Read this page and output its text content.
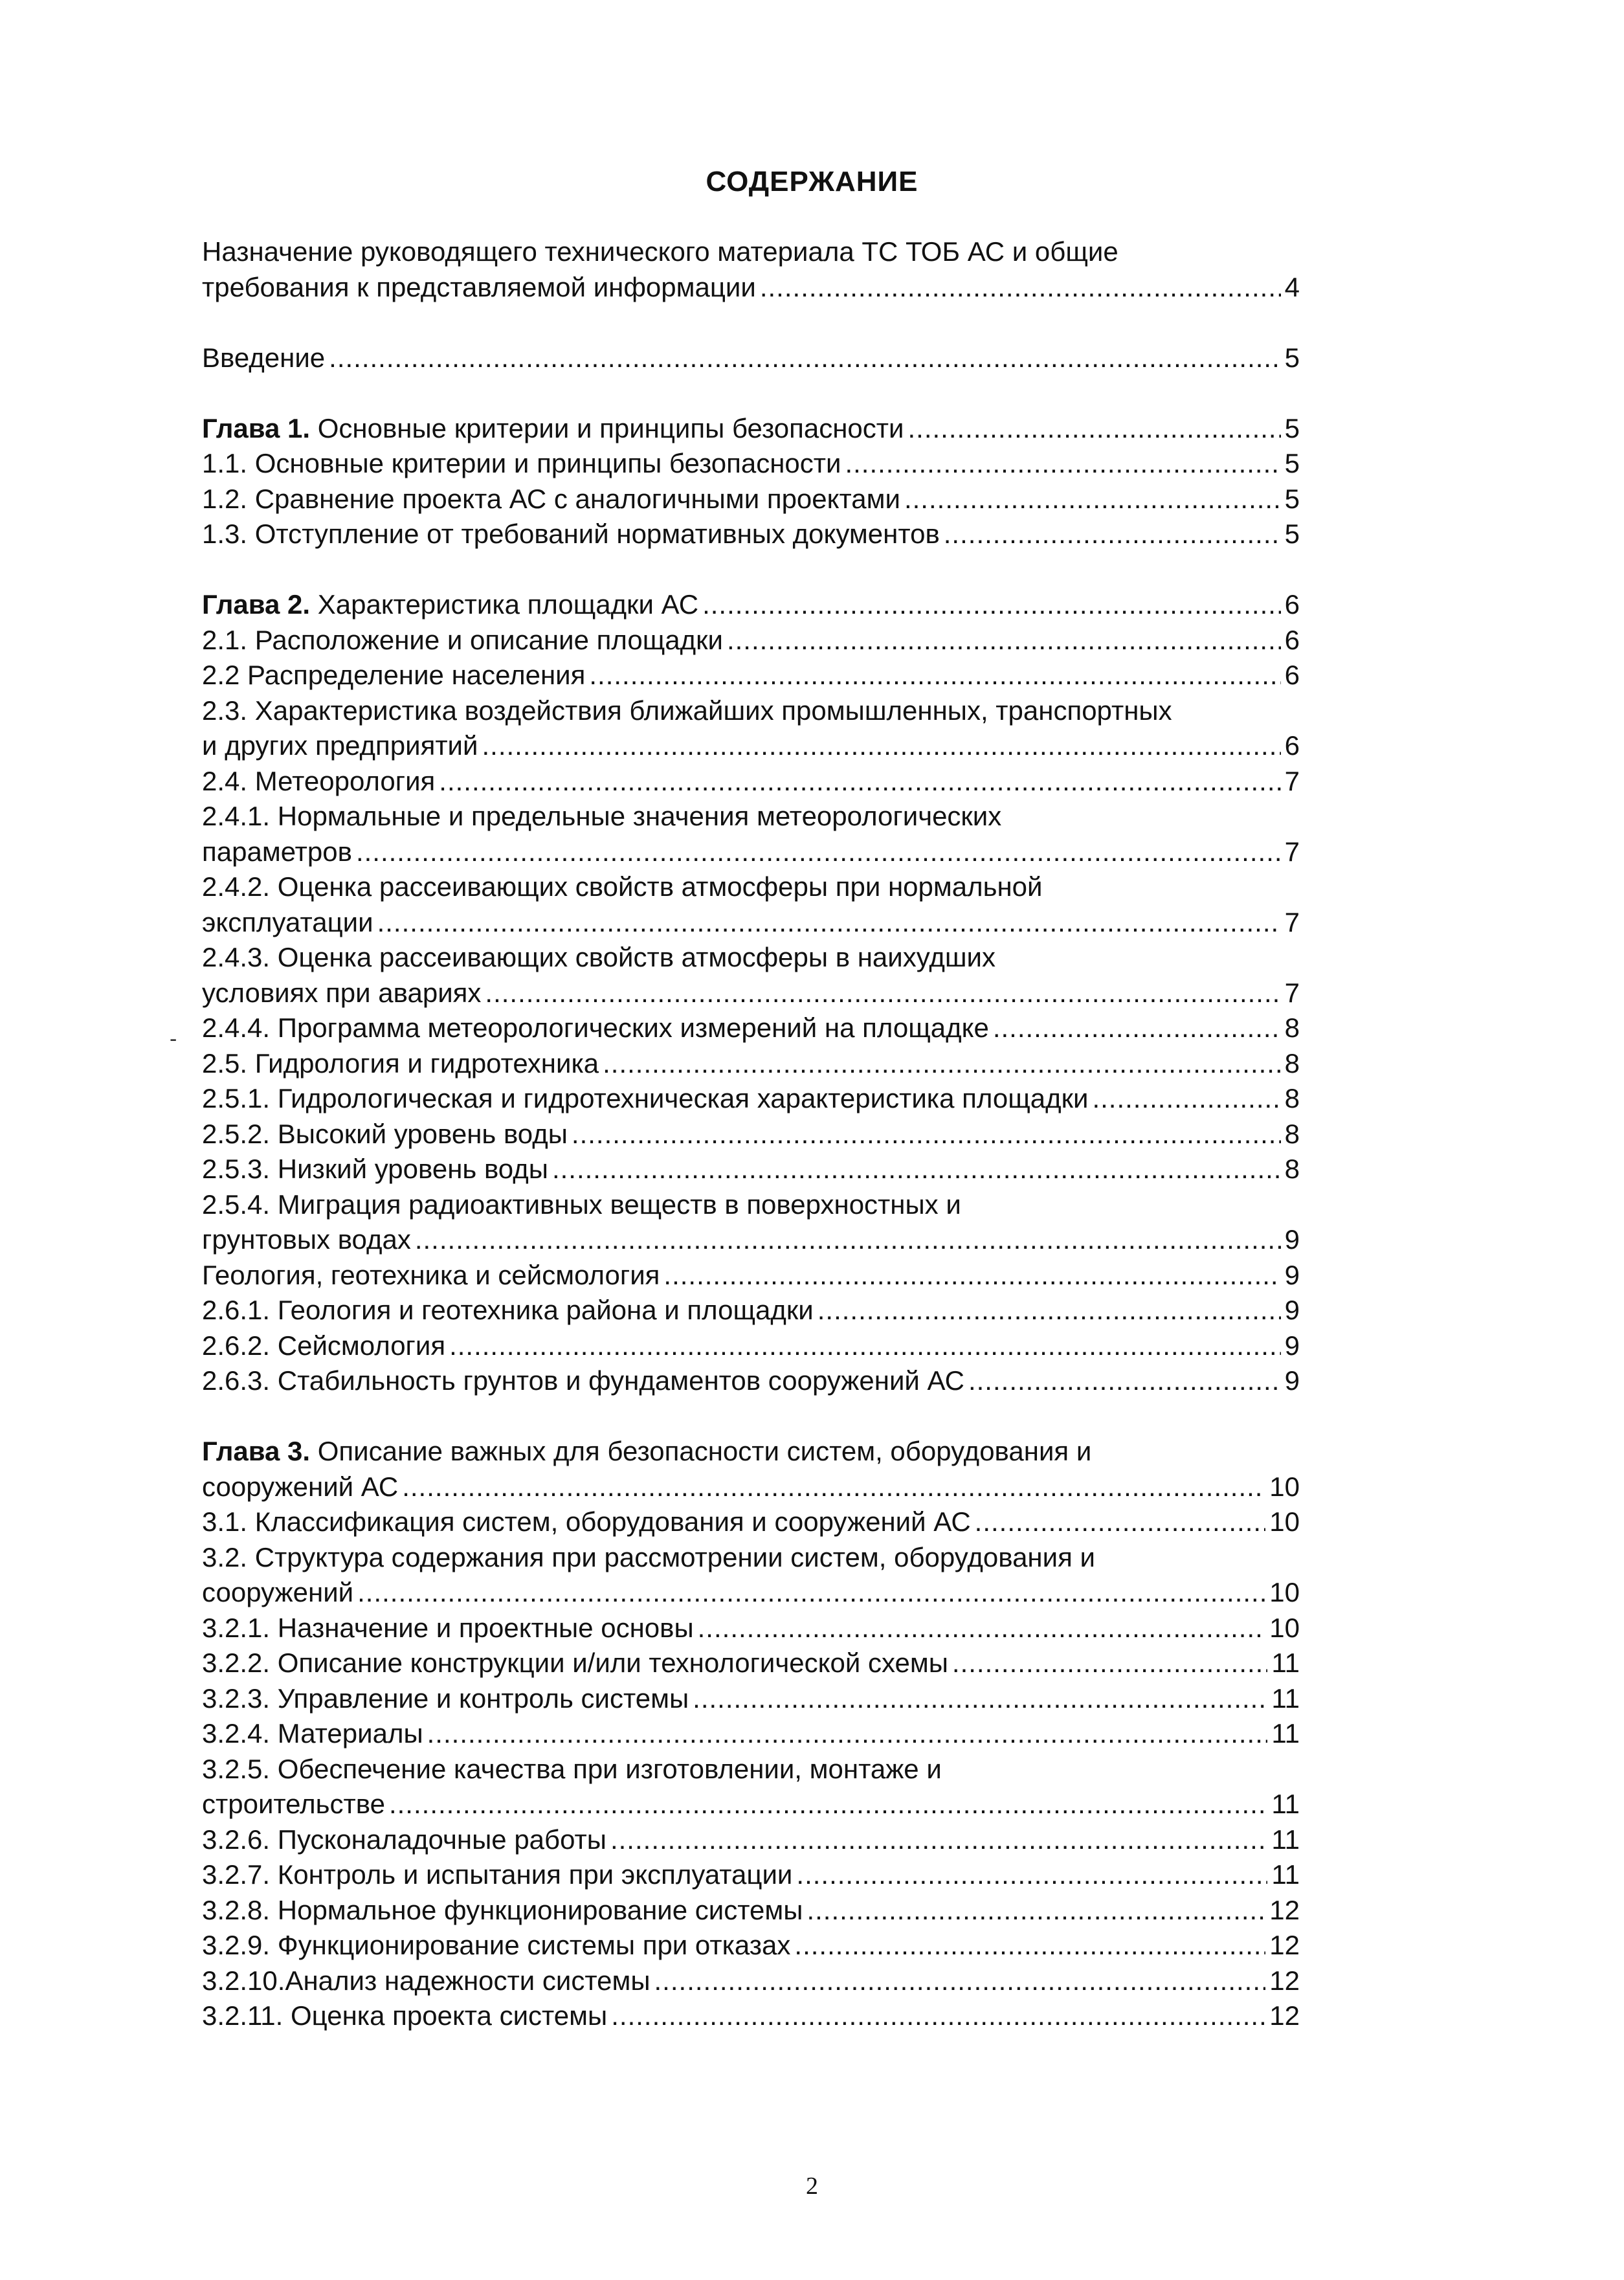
СОДЕРЖАНИЕ
Назначение руководящего технического материала ТС ТОБ АС и общие
требования к представляемой информации .....	4
Введение .....	5
Глава 1. Основные критерии и принципы безопасности .....	5
1.1. Основные критерии и принципы безопасности .....	5
1.2. Сравнение проекта АС с аналогичными проектами .....	5
1.3. Отступление от требований нормативных документов .....	5
Глава 2. Характеристика площадки АС .....	6
2.1. Расположение и описание площадки .....	6
2.2 Распределение населения .....	6
2.3. Характеристика воздействия ближайших промышленных, транспортных
и других предприятий .....	6
2.4. Метеорология .....	7
2.4.1. Нормальные и предельные значения метеорологических
параметров .....	7
2.4.2. Оценка рассеивающих свойств атмосферы при нормальной
эксплуатации .....	7
2.4.3. Оценка рассеивающих свойств атмосферы в наихудших
условиях при авариях .....	7
2.4.4. Программа метеорологических измерений на площадке .....	8
2.5. Гидрология и гидротехника .....	8
2.5.1. Гидрологическая и гидротехническая характеристика площадки .....	8
2.5.2. Высокий уровень воды .....	8
2.5.3. Низкий уровень воды .....	8
2.5.4. Миграция радиоактивных веществ в поверхностных и
грунтовых водах .....	9
Геология, геотехника и сейсмология .....	9
2.6.1. Геология и геотехника района и площадки .....	9
2.6.2. Сейсмология .....	9
2.6.3. Стабильность грунтов и фундаментов сооружений АС .....	9
Глава 3. Описание важных для безопасности систем, оборудования и
сооружений АС .....	10
3.1. Классификация систем, оборудования и сооружений АС .....	10
3.2. Структура содержания при рассмотрении систем, оборудования и
сооружений .....	10
3.2.1. Назначение и проектные основы .....	10
3.2.2. Описание конструкции и/или технологической схемы .....	11
3.2.3. Управление и контроль системы .....	11
3.2.4. Материалы .....	11
3.2.5. Обеспечение качества при изготовлении, монтаже и
строительстве .....	11
3.2.6. Пусконаладочные работы .....	11
3.2.7. Контроль и испытания при эксплуатации .....	11
3.2.8. Нормальное функционирование системы .....	12
3.2.9. Функционирование системы при отказах .....	12
3.2.10.Анализ надежности системы .....	12
3.2.11. Оценка проекта системы .....	12
-
2
